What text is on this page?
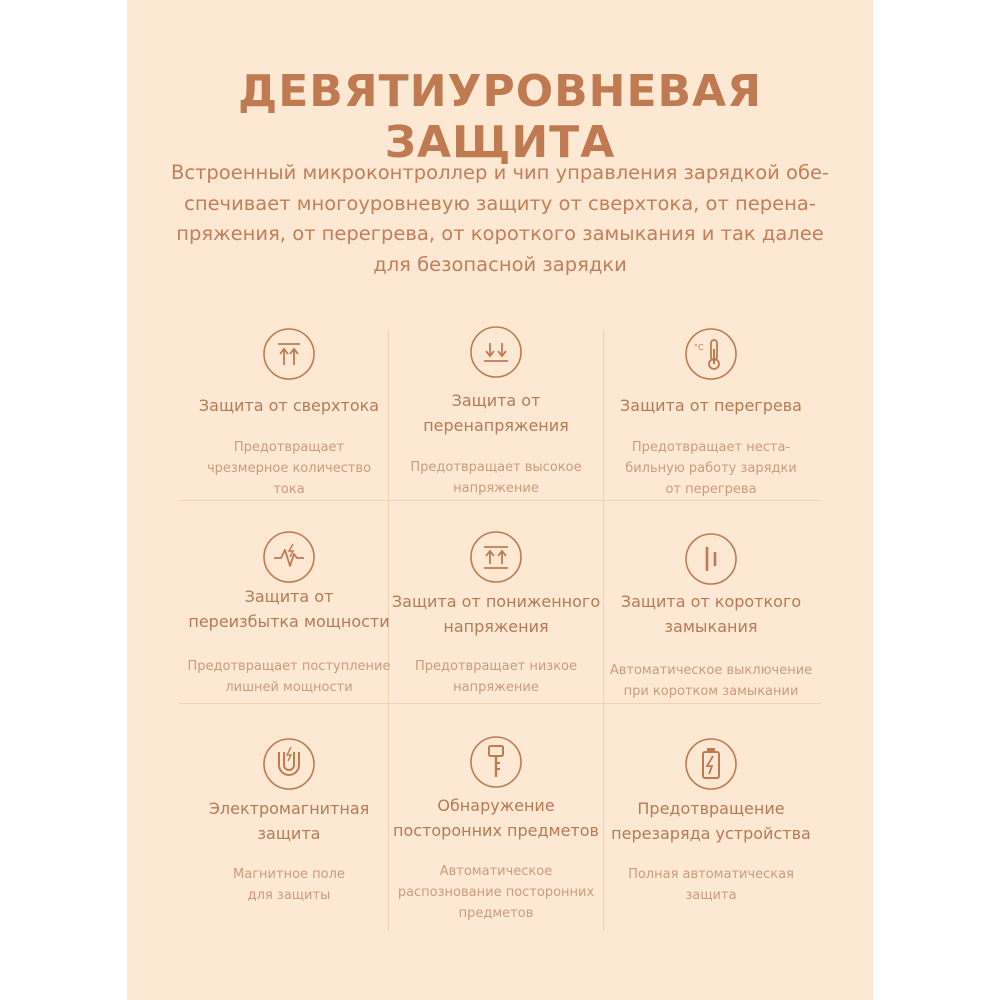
ДЕВЯТИУРОВНЕВАЯ ЗАЩИТА
Встроенный микроконтроллер и чип управления зарядкой обе-
спечивает многоуровневую защиту от сверхтока, от перена-
пряжения, от перегрева, от короткого замыкания и так далее
для безопасной зарядки
Защита от сверхтока
Предотвращает
чрезмерное количество
тока
Защита от
перенапряжения
Предотвращает высокое
напряжение
°C
Защита от перегрева
Предотвращает неста-
бильную работу зарядки
от перегрева
Защита от
переизбытка мощности
Предотвращает поступление
лишней мощности
Защита от пониженного
напряжения
Предотвращает низкое
напряжение
Защита от короткого
замыкания
Автоматическое выключение
при коротком замыкании
Электромагнитная
защита
Магнитное поле
для защиты
Обнаружение
посторонних предметов
Автоматическое
распознование посторонних
предметов
Предотвращение
перезаряда устройства
Полная автоматическая
защита
